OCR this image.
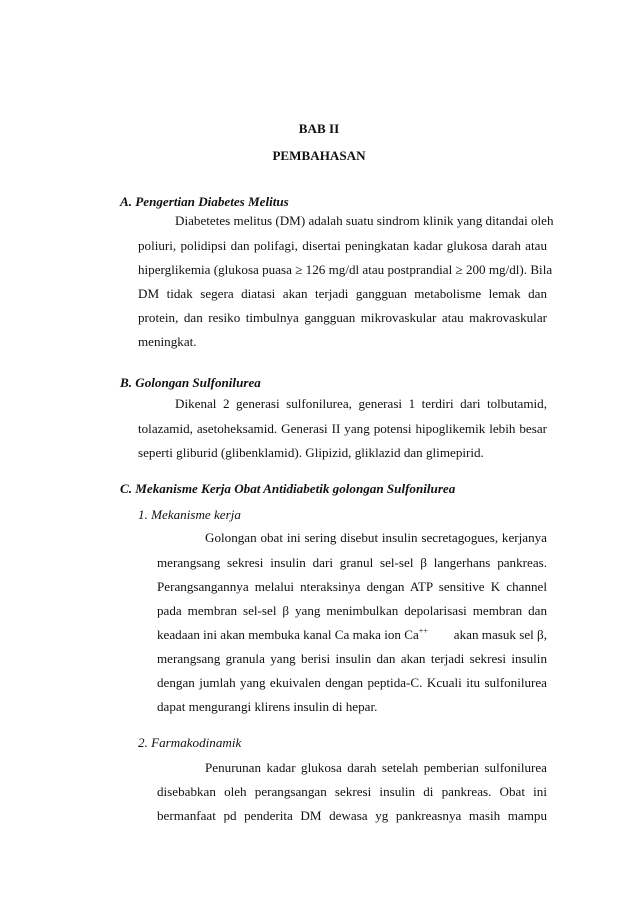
BAB II
PEMBAHASAN
A. Pengertian Diabetes Melitus
Diabetetes melitus (DM) adalah suatu sindrom klinik yang ditandai oleh
poliuri, polidipsi dan polifagi, disertai peningkatan kadar glukosa darah atau
hiperglikemia (glukosa puasa ≥ 126 mg/dl atau postprandial ≥ 200 mg/dl). Bila
DM tidak segera diatasi akan terjadi gangguan metabolisme lemak dan
protein, dan resiko timbulnya gangguan mikrovaskular atau makrovaskular
meningkat.
B. Golongan Sulfonilurea
Dikenal 2 generasi sulfonilurea, generasi 1 terdiri dari tolbutamid,
tolazamid, asetoheksamid. Generasi II yang potensi hipoglikemik lebih besar
seperti gliburid (glibenklamid). Glipizid, gliklazid dan glimepirid.
C. Mekanisme Kerja Obat Antidiabetik golongan Sulfonilurea
1. Mekanisme kerja
Golongan obat ini sering disebut insulin secretagogues, kerjanya
merangsang sekresi insulin dari granul sel-sel β langerhans pankreas.
Perangsangannya melalui nteraksinya dengan ATP sensitive K channel
pada membran sel-sel β yang menimbulkan depolarisasi membran dan
keadaan ini akan membuka kanal Ca maka ion Ca++ akan masuk sel β,
merangsang granula yang berisi insulin dan akan terjadi sekresi insulin
dengan jumlah yang ekuivalen dengan peptida-C. Kcuali itu sulfonilurea
dapat mengurangi klirens insulin di hepar.
2. Farmakodinamik
Penurunan kadar glukosa darah setelah pemberian sulfonilurea
disebabkan oleh perangsangan sekresi insulin di pankreas. Obat ini
bermanfaat pd penderita DM dewasa yg pankreasnya masih mampu
